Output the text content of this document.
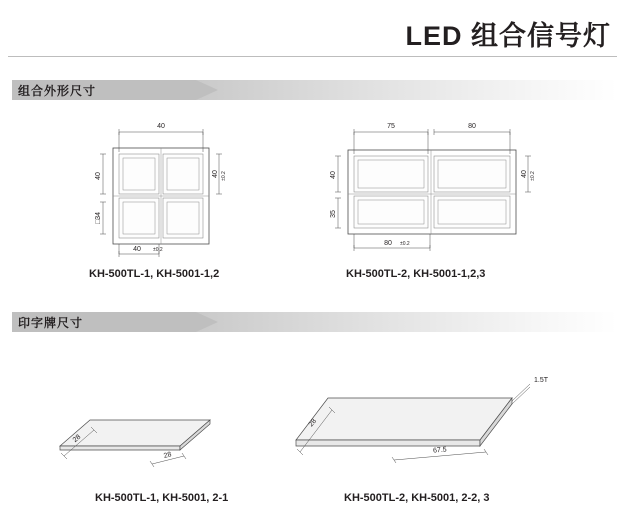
LED 组合信号灯
组合外形尺寸
40
40
□34
40 ±0.2
40 ±0.2
KH-500TL-1, KH-5001-1,2
75	80
40
35
40 ±0.2
80 ±0.2
KH-500TL-2, KH-5001-1,2,3
印字牌尺寸
28
28
KH-500TL-1, KH-5001, 2-1
1.5T
28
67.5
KH-500TL-2, KH-5001, 2-2, 3
